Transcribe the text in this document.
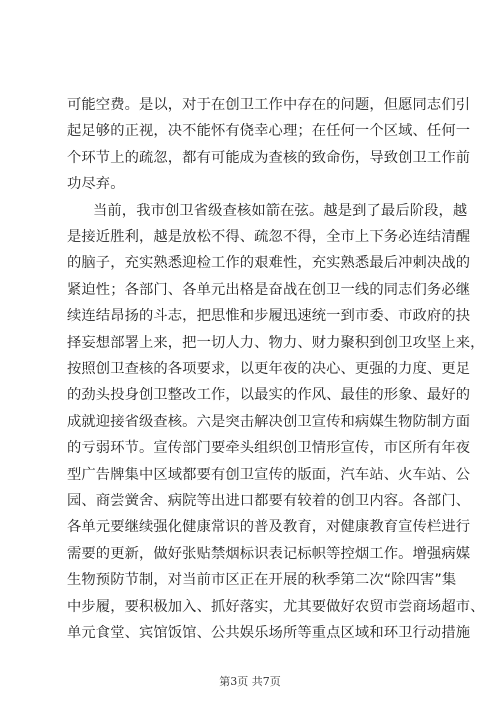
可能空费。是以，对于在创卫工作中存在的问题，但愿同志们引
起足够的正视，决不能怀有侥幸心理；在任何一个区域、任何一
个环节上的疏忽，都有可能成为查核的致命伤，导致创卫工作前
功尽弃。
当前，我市创卫省级查核如箭在弦。越是到了最后阶段，越
是接近胜利，越是放松不得、疏忽不得，全市上下务必连结清醒
的脑子，充实熟悉迎检工作的艰难性，充实熟悉最后冲刺决战的
紧迫性；各部门、各单元出格是奋战在创卫一线的同志们务必继
续连结昂扬的斗志，把思惟和步履迅速统一到市委、市政府的抉
择妄想部署上来，把一切人力、物力、财力聚积到创卫攻坚上来，
按照创卫查核的各项要求，以更年夜的决心、更强的力度、更足
的劲头投身创卫整改工作，以最实的作风、最佳的形象、最好的
成就迎接省级查核。六是突击解决创卫宣传和病媒生物防制方面
的亏弱环节。宣传部门要牵头组织创卫情形宣传，市区所有年夜
型广告牌集中区域都要有创卫宣传的版面，汽车站、火车站、公
园、商尝黉舍、病院等出进口都要有较着的创卫内容。各部门、
各单元要继续强化健康常识的普及教育，对健康教育宣传栏进行
需要的更新，做好张贴禁烟标识表记标帜等控烟工作。增强病媒
生物预防节制，对当前市区正在开展的秋季第二次“除四害”集
中步履，要积极加入、抓好落实，尤其要做好农贸市尝商场超市、
单元食堂、宾馆饭馆、公共娱乐场所等重点区域和环卫行动措施
第3页 共7页
